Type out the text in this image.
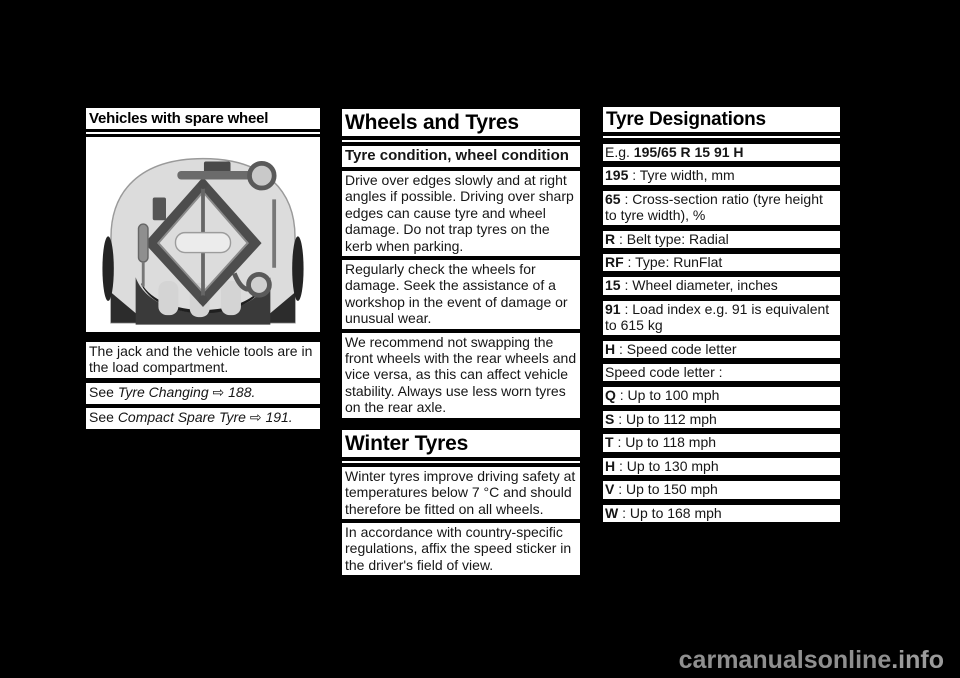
Vehicles with spare wheel
The jack and the vehicle tools are in the load compartment.
See Tyre Changing ⇨ 188.
See Compact Spare Tyre ⇨ 191.
Wheels and Tyres
Tyre condition, wheel condition
Drive over edges slowly and at right angles if possible. Driving over sharp edges can cause tyre and wheel damage. Do not trap tyres on the kerb when parking.
Regularly check the wheels for damage. Seek the assistance of a workshop in the event of damage or unusual wear.
We recommend not swapping the front wheels with the rear wheels and vice versa, as this can affect vehicle stability. Always use less worn tyres on the rear axle.
Winter Tyres
Winter tyres improve driving safety at temperatures below 7 °C and should therefore be fitted on all wheels.
In accordance with country-specific regulations, affix the speed sticker in the driver's field of view.
Tyre Designations
E.g. 195/65 R 15 91 H
195 : Tyre width, mm
65 : Cross-section ratio (tyre height to tyre width), %
R : Belt type: Radial
RF : Type: RunFlat
15 : Wheel diameter, inches
91 : Load index e.g. 91 is equivalent to 615 kg
H : Speed code letter
Speed code letter :
Q : Up to 100 mph
S : Up to 112 mph
T : Up to 118 mph
H : Up to 130 mph
V : Up to 150 mph
W : Up to 168 mph
carmanualsonline.info
